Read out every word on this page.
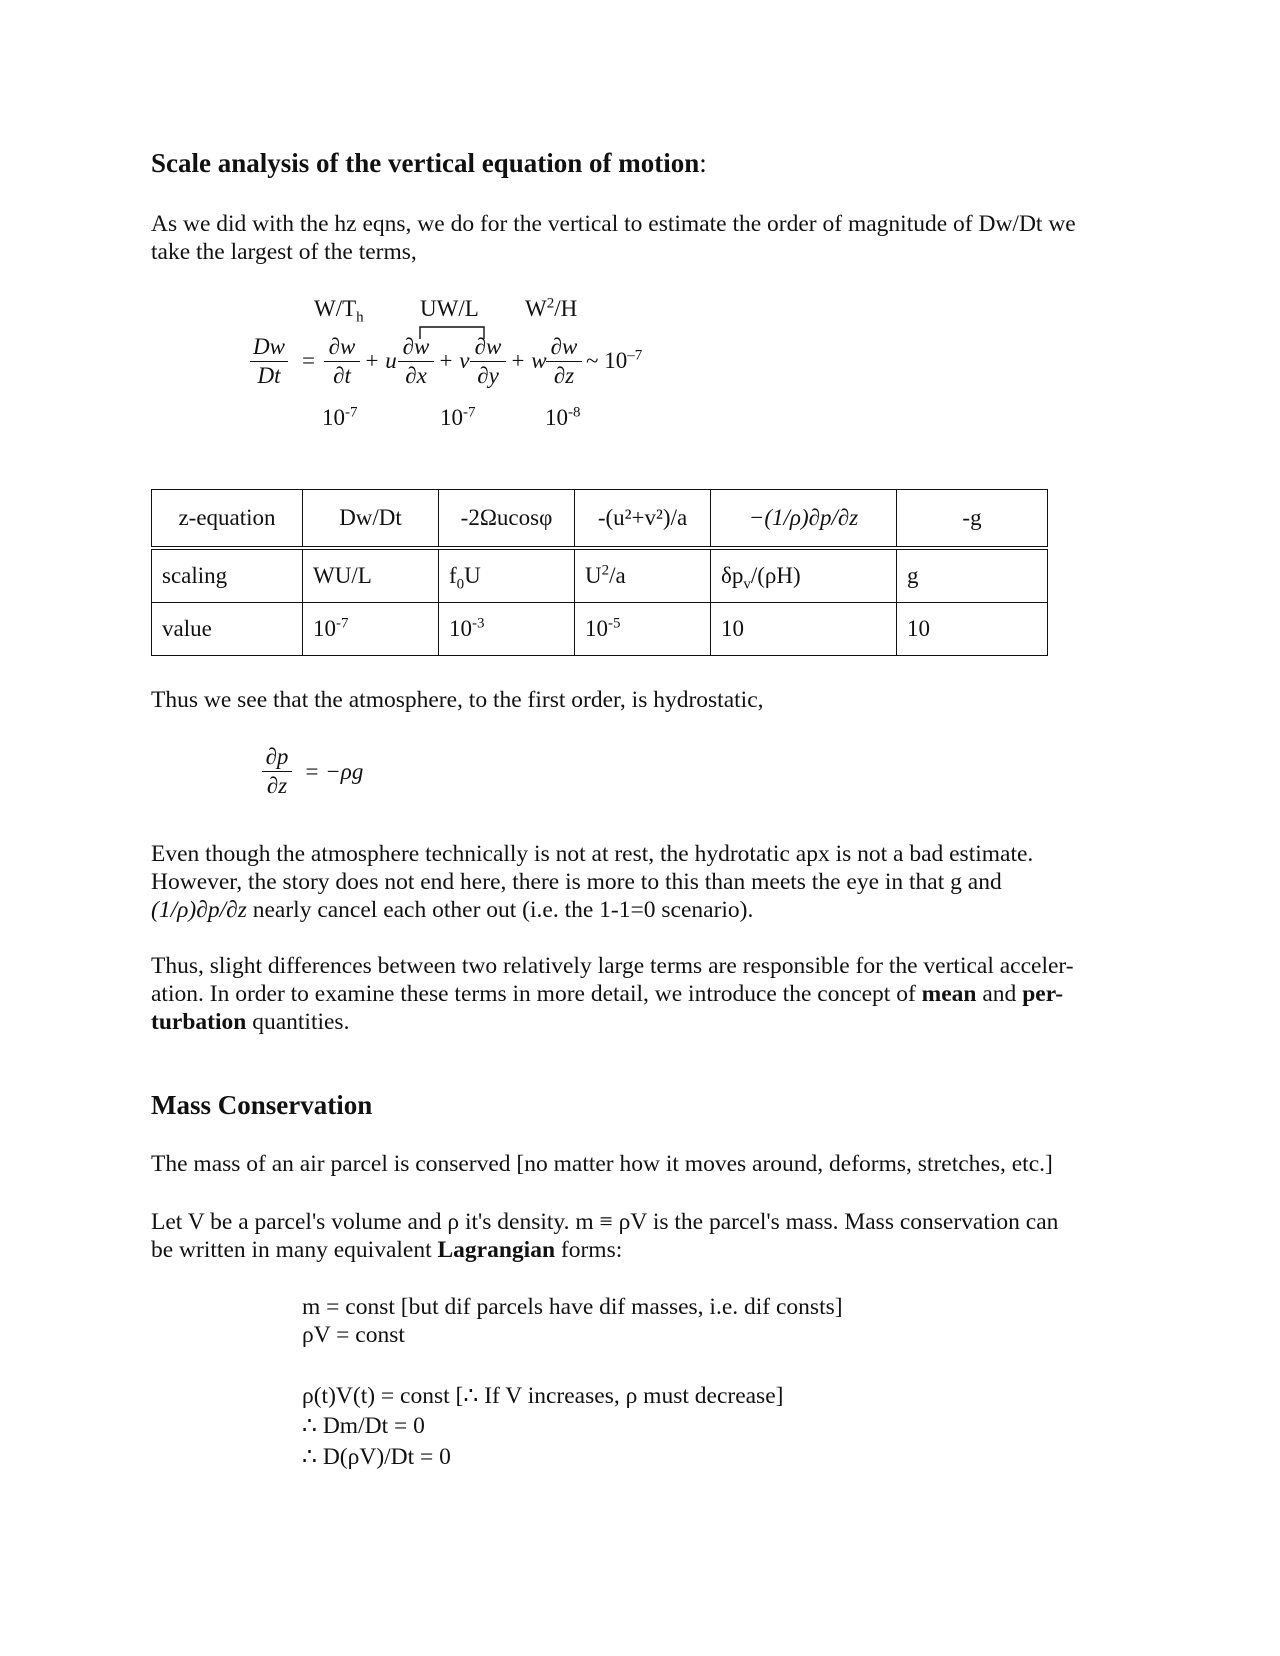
Scale analysis of the vertical equation of motion:
As we did with the hz eqns, we do for the vertical to estimate the order of magnitude of Dw/Dt we
take the largest of the terms,
$W/T_h$ UW/L $W^2/H$
Dw
Dt
=
∂w
∂t
+ u
∂w
∂x
+ v
∂w
∂y
+ w
∂w
∂z
~ $10^{-7}$
$10^{-7}$	$10^{-7}$	$10^{-8}$
z-equation	Dw/Dt	-2Ωucosφ	-(u²+v²)/a	−(1/ρ)∂p/∂z	-g
scaling	WU/L	$f_0U$	$U^2/a$	$\delta p_v/(\rho H)$	g
value	$10^{-7}$	$10^{-3}$	$10^{-5}$	10	10
Thus we see that the atmosphere, to the first order, is hydrostatic,
∂p
∂z
= −ρg
Even though the atmosphere technically is not at rest, the hydrotatic apx is not a bad estimate.
However, the story does not end here, there is more to this than meets the eye in that g and
(1/ρ)∂p/∂z nearly cancel each other out (i.e. the 1-1=0 scenario).
Thus, slight differences between two relatively large terms are responsible for the vertical acceler-
ation. In order to examine these terms in more detail, we introduce the concept of mean and per-
turbation quantities.
Mass Conservation
The mass of an air parcel is conserved [no matter how it moves around, deforms, stretches, etc.]
Let V be a parcel's volume and ρ it's density. m ≡ ρV is the parcel's mass. Mass conservation can
be written in many equivalent Lagrangian forms:
m = const [but dif parcels have dif masses, i.e. dif consts]
ρV = const
ρ(t)V(t) = const [∴ If V increases, ρ must decrease]
∴ Dm/Dt = 0
∴ D(ρV)/Dt = 0
